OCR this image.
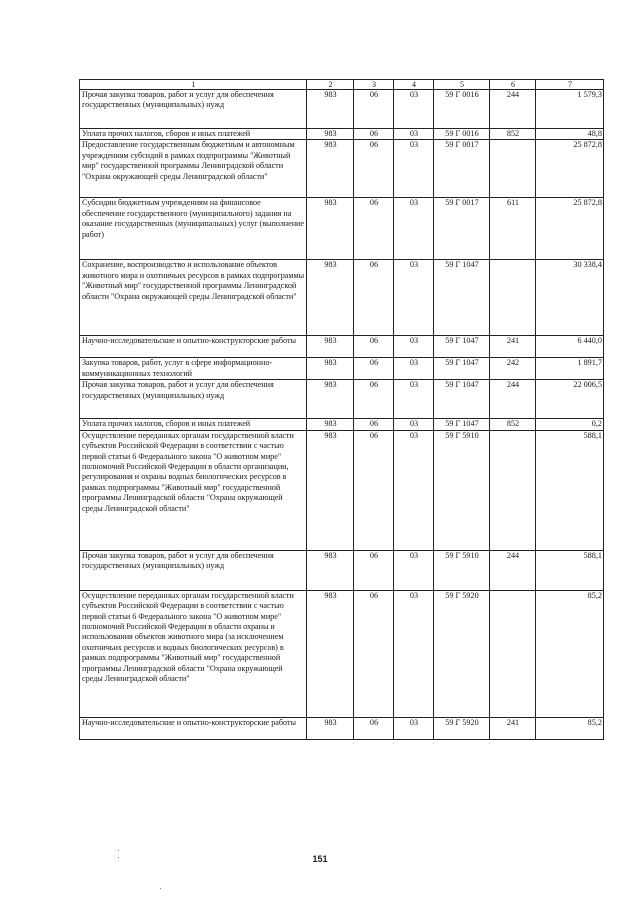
1	2	3	4	5	6	7
Прочая закупка товаров, работ и услуг для обеспечения государственных (муниципальных) нужд	983	06	03	59 Г 0016	244	1 579,3
Уплата прочих налогов, сборов и иных платежей	983	06	03	59 Г 0016	852	48,8
Предоставление государственным бюджетным и автономным учреждениям субсидий в рамках подпрограммы "Животный мир" государственной программы Ленинградской области "Охрана окружающей среды Ленинградской области"	983	06	03	59 Г 0017		25 872,8
Субсидии бюджетным учреждениям на финансовое обеспечение государственного (муниципального) задания на оказание государственных (муниципальных) услуг (выполнение работ)	983	06	03	59 Г 0017	611	25 872,8
Сохранение, воспроизводство и использование объектов животного мира и охотничьих ресурсов в рамках подпрограммы "Животный мир" государственной программы Ленинградской области "Охрана окружающей среды Ленинградской области"	983	06	03	59 Г 1047		30 338,4
Научно-исследовательские и опытно-конструкторские работы	983	06	03	59 Г 1047	241	6 440,0
Закупка товаров, работ, услуг в сфере информационно-коммуникационных технологий	983	06	03	59 Г 1047	242	1 891,7
Прочая закупка товаров, работ и услуг для обеспечения государственных (муниципальных) нужд	983	06	03	59 Г 1047	244	22 006,5
Уплата прочих налогов, сборов и иных платежей	983	06	03	59 Г 1047	852	0,2
Осуществление переданных органам государственной власти субъектов Российской Федерации в соответствии с частью первой статьи 6 Федерального закона "О животном мире" полномочий Российской Федерации в области организации, регулирования и охраны водных биологических ресурсов в рамках подпрограммы "Животный мир" государственной программы Ленинградской области "Охрана окружающей среды Ленинградской области"	983	06	03	59 Г 5910		588,1
Прочая закупка товаров, работ и услуг для обеспечения государственных (муниципальных) нужд	983	06	03	59 Г 5910	244	588,1
Осуществление переданных органам государственной власти субъектов Российской Федерации в соответствии с частью первой статьи 6 Федерального закона "О животном мире" полномочий Российской Федерации в области охраны и использования объектов животного мира (за исключением охотничьих ресурсов и водных биологических ресурсов) в рамках подпрограммы "Животный мир" государственной программы Ленинградской области "Охрана окружающей среды Ленинградской области"	983	06	03	59 Г 5920		85,2
Научно-исследовательские и опытно-конструкторские работы	983	06	03	59 Г 5920	241	85,2
151
